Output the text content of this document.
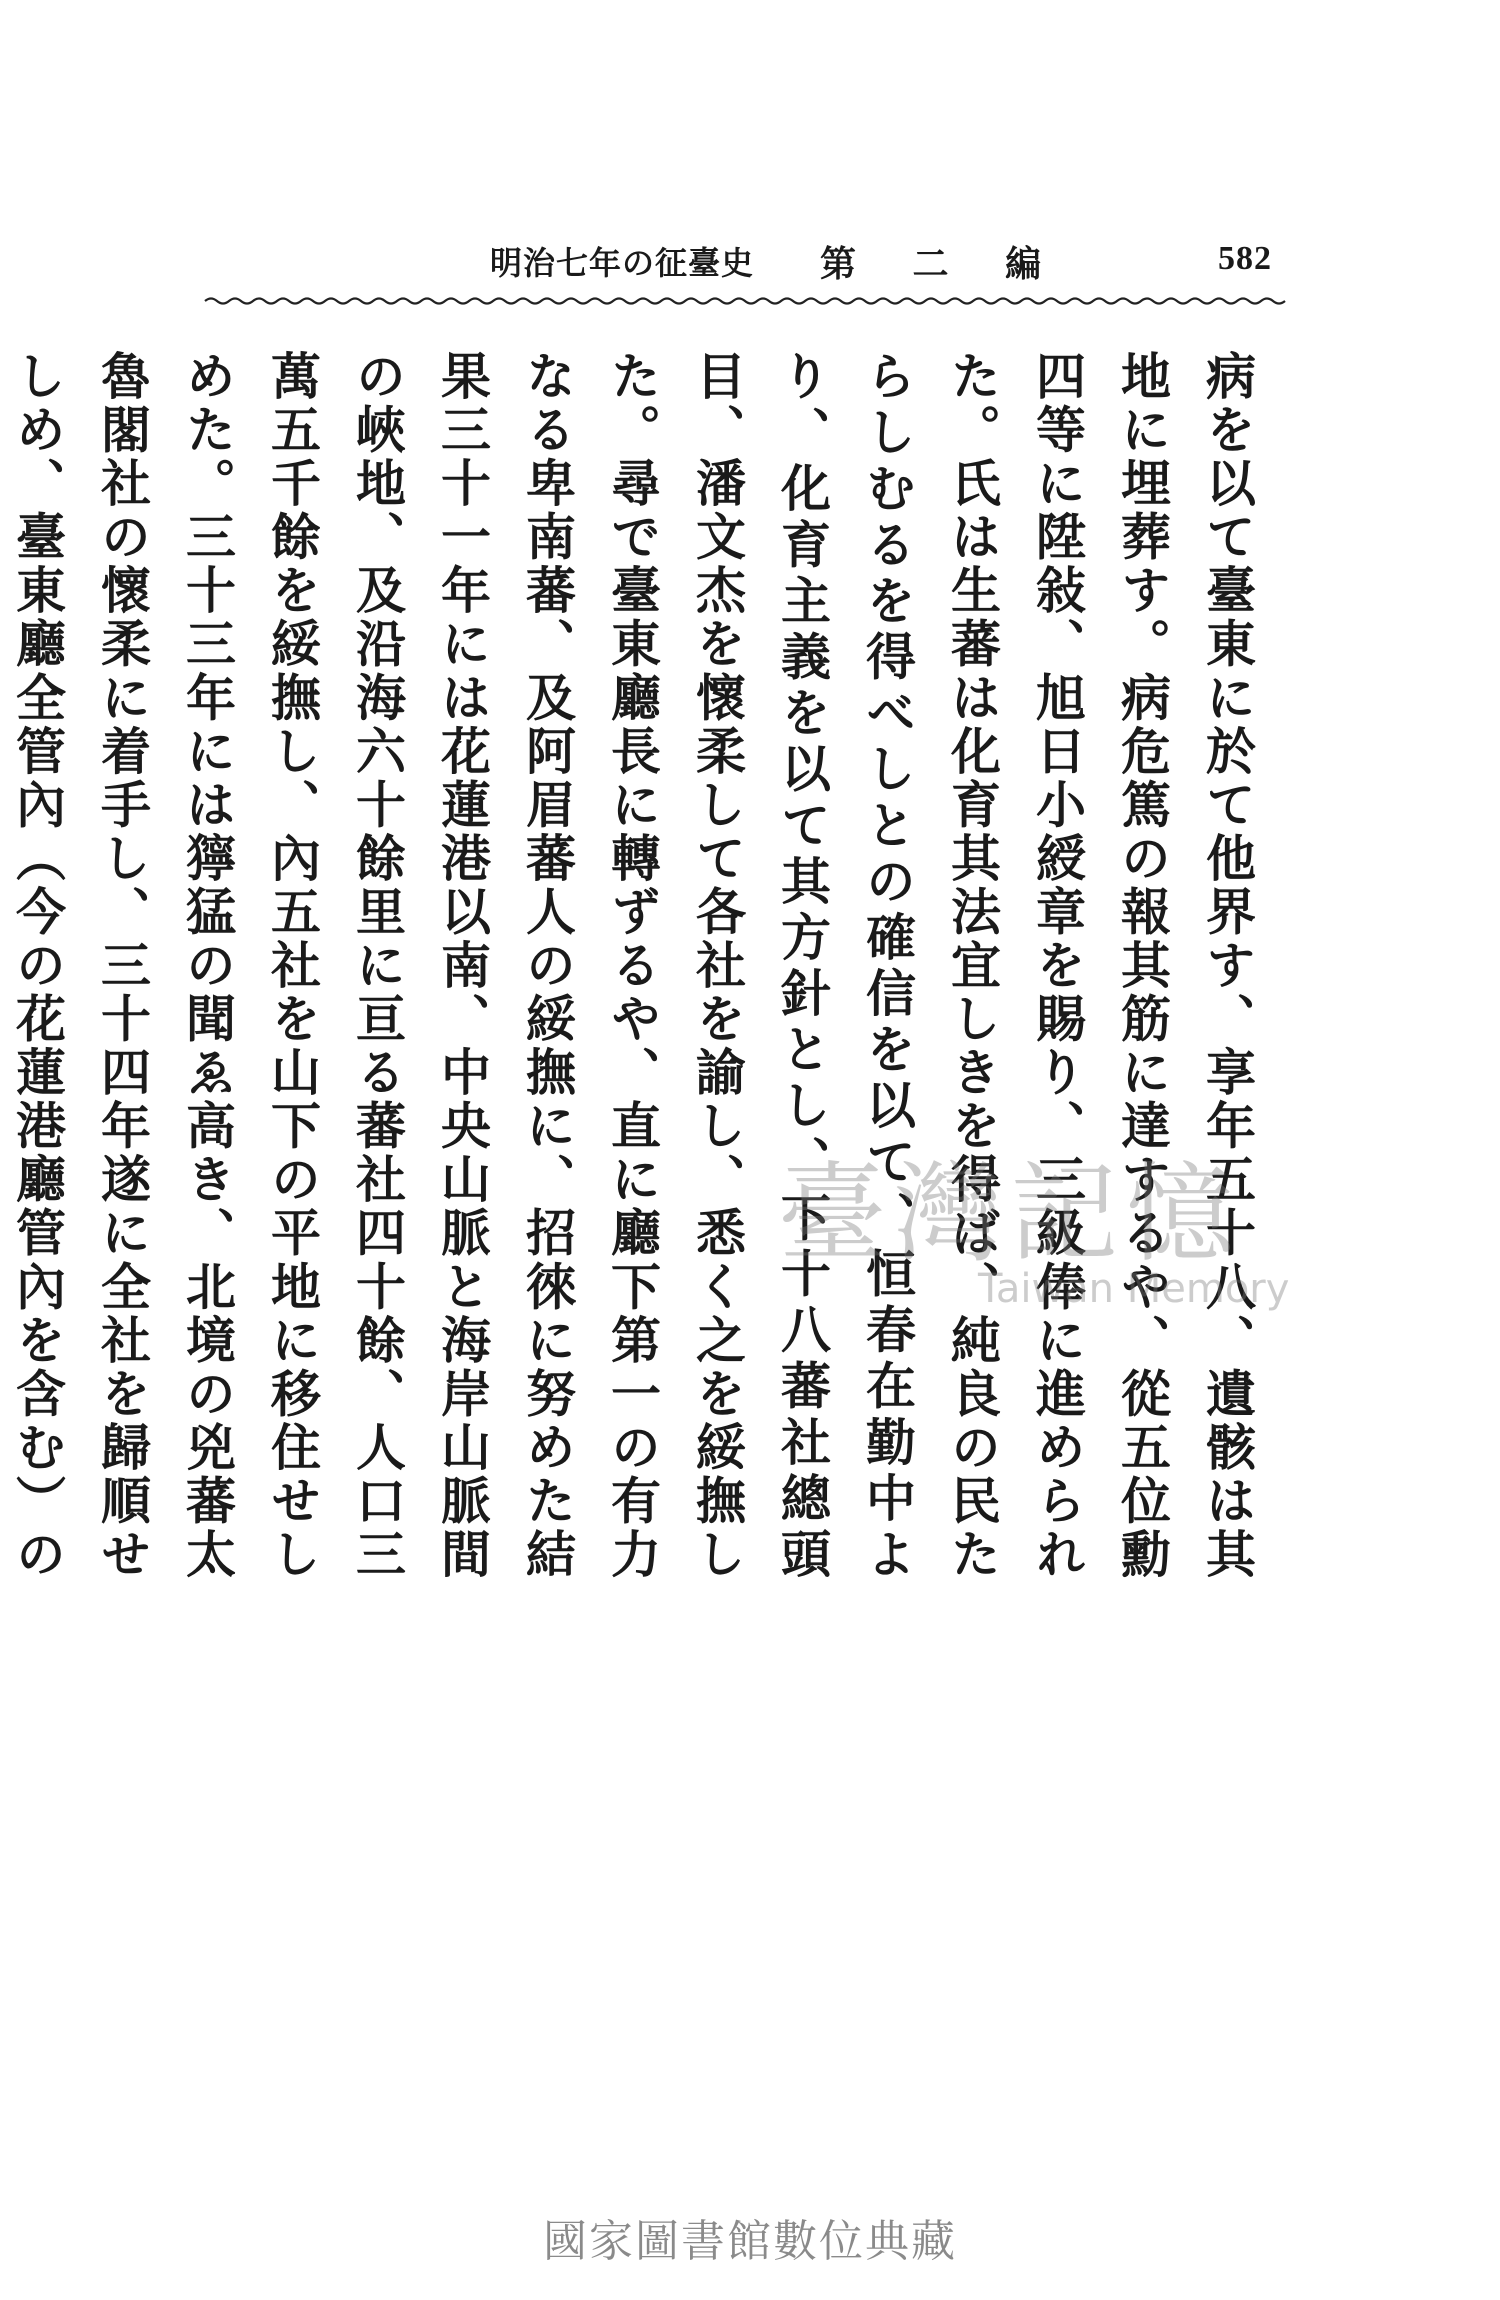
582
第 二 編
明治七年の征臺史
病を以て臺東に於て他界す、享年五十八、遺骸は其地に埋葬す。病危篤の報其筋に達するや、從五位勳四等に陞敍、旭日小綬章を賜り、三級俸に進められた。氏は生蕃は化育其法宜しきを得ば、純良の民たらしむるを得べしとの確信を以て、恒春在勤中より、化育主義を以て其方針とし、下十八蕃社總頭目、潘文杰を懷柔して各社を諭し、悉く之を綏撫した。尋で臺東廳長に轉ずるや、直に廳下第一の有力なる卑南蕃、及阿眉蕃人の綏撫に、招徠に努めた結果三十一年には花蓮港以南、中央山脈と海岸山脈間の峽地、及沿海六十餘里に亘る蕃社四十餘、人口三萬五千餘を綏撫し、內五社を山下の平地に移住せしめた。三十三年には獰猛の聞ゑ高き、北境の兇蕃太魯閣社の懷柔に着手し、三十四年遂に全社を歸順せしめ、臺東廳全管內（今の花蓮港廳管內を含む）の
臺灣記憶
Taiwan Memory
國家圖書館數位典藏
